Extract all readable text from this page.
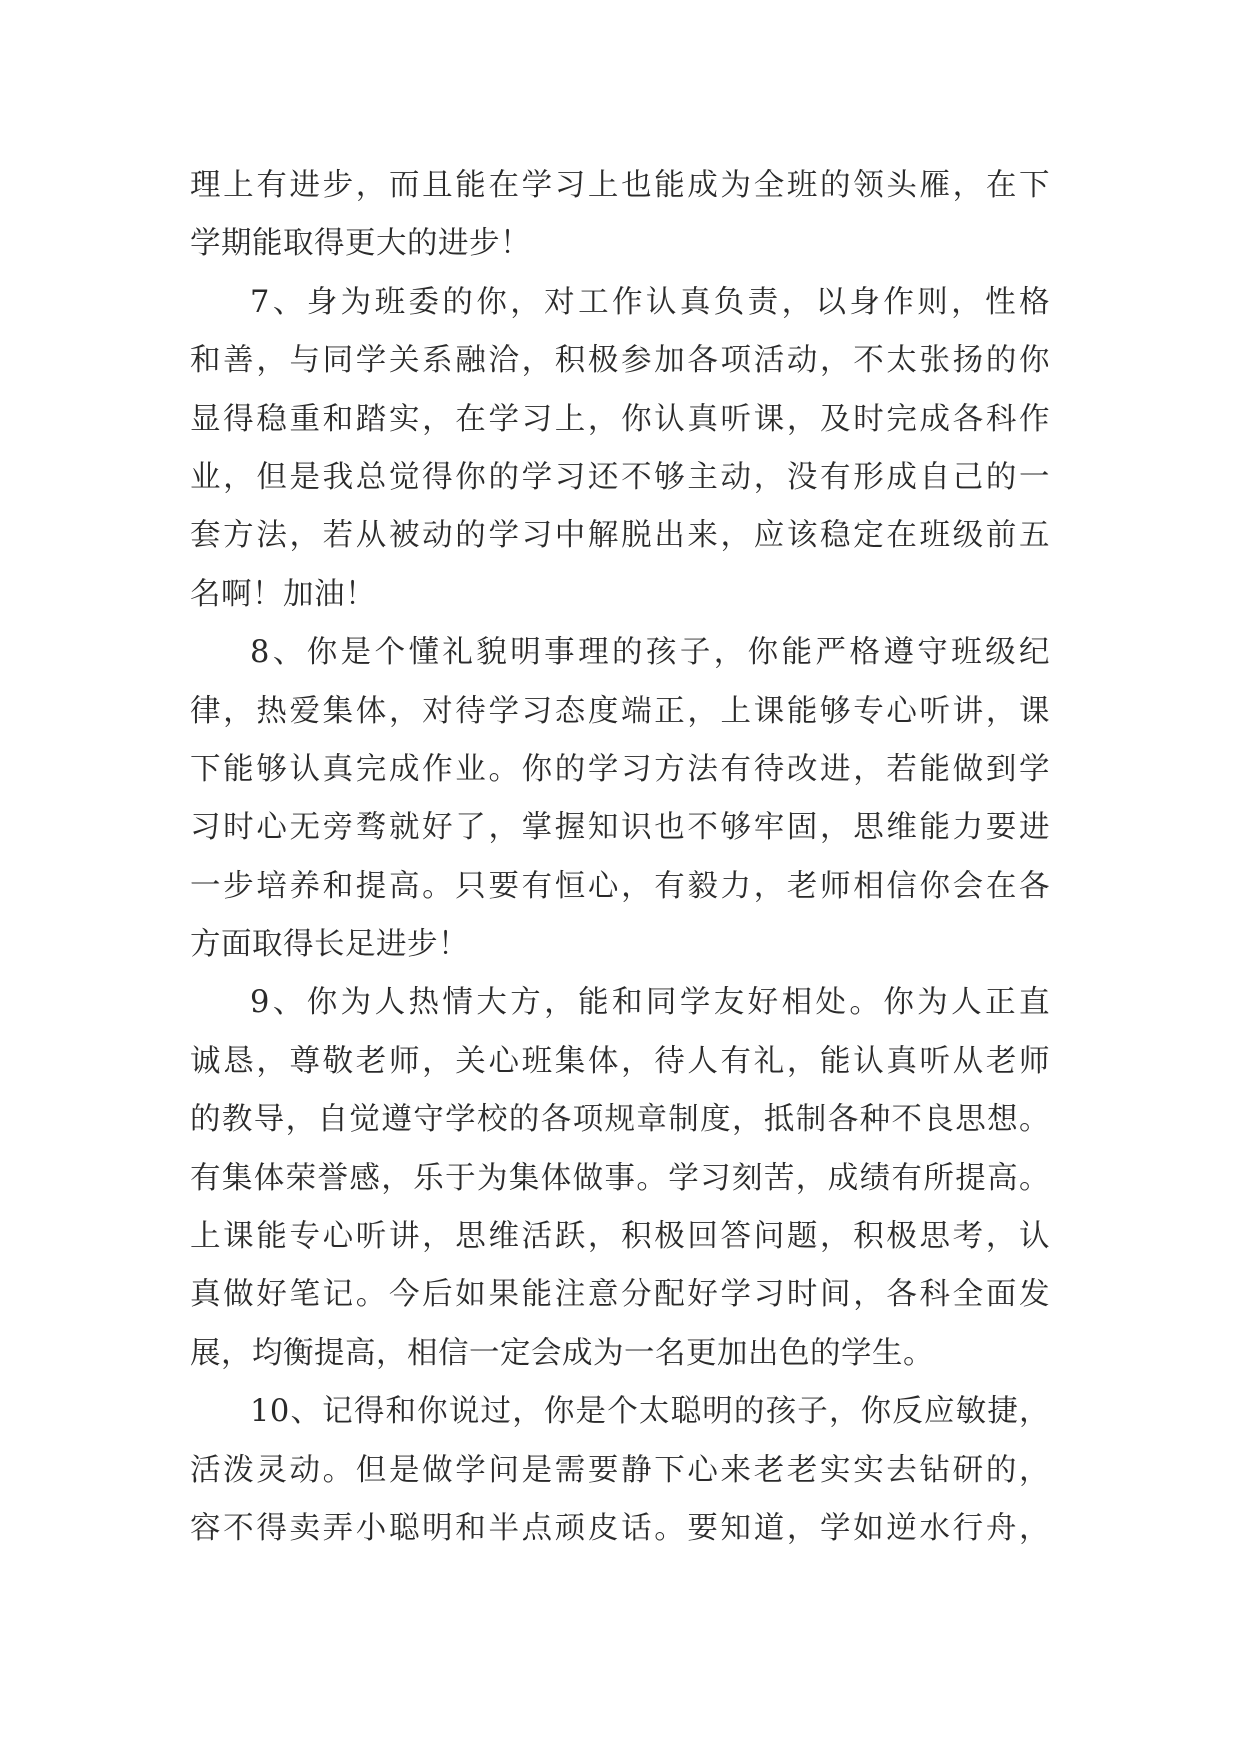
理上有进步，而且能在学习上也能成为全班的领头雁，在下
学期能取得更大的进步！
7、身为班委的你，对工作认真负责，以身作则，性格
和善，与同学关系融洽，积极参加各项活动，不太张扬的你
显得稳重和踏实，在学习上，你认真听课，及时完成各科作
业，但是我总觉得你的学习还不够主动，没有形成自己的一
套方法，若从被动的学习中解脱出来，应该稳定在班级前五
名啊！加油！
8、你是个懂礼貌明事理的孩子，你能严格遵守班级纪
律，热爱集体，对待学习态度端正，上课能够专心听讲，课
下能够认真完成作业。你的学习方法有待改进，若能做到学
习时心无旁骛就好了，掌握知识也不够牢固，思维能力要进
一步培养和提高。只要有恒心，有毅力，老师相信你会在各
方面取得长足进步！
9、你为人热情大方，能和同学友好相处。你为人正直
诚恳，尊敬老师，关心班集体，待人有礼，能认真听从老师
的教导，自觉遵守学校的各项规章制度，抵制各种不良思想。
有集体荣誉感，乐于为集体做事。学习刻苦，成绩有所提高。
上课能专心听讲，思维活跃，积极回答问题，积极思考，认
真做好笔记。今后如果能注意分配好学习时间，各科全面发
展，均衡提高，相信一定会成为一名更加出色的学生。
10、记得和你说过，你是个太聪明的孩子，你反应敏捷，
活泼灵动。但是做学问是需要静下心来老老实实去钻研的，
容不得卖弄小聪明和半点顽皮话。要知道，学如逆水行舟，
